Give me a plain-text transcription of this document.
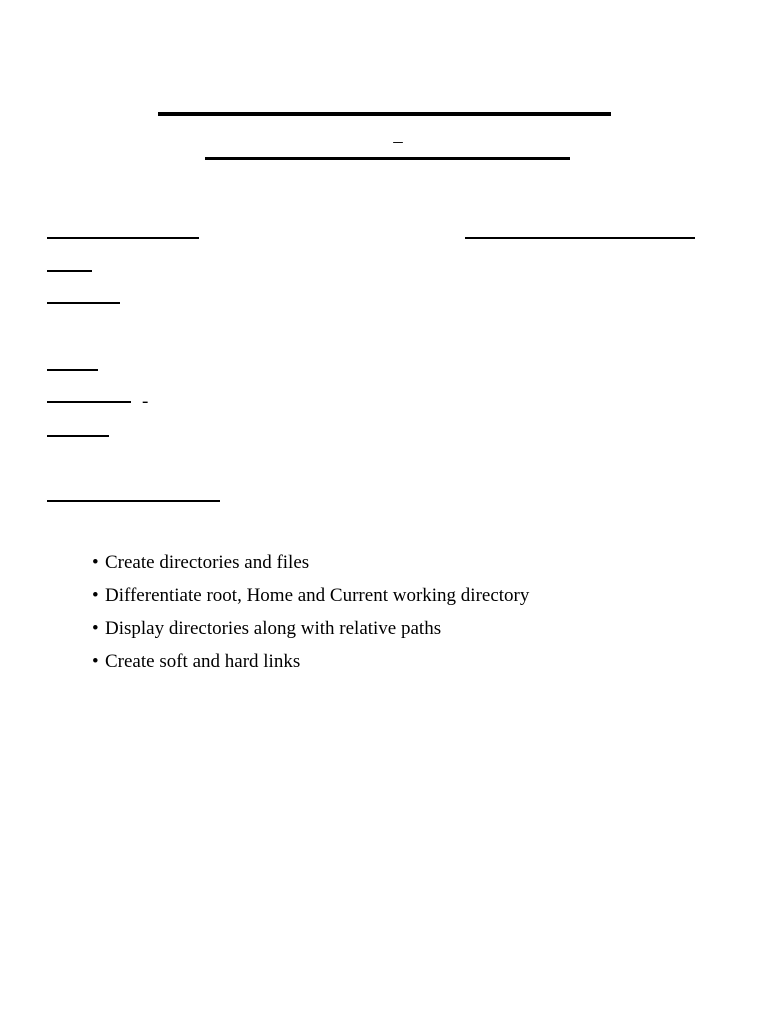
–
-
• Create directories and files
• Differentiate root, Home and Current working directory
• Display directories along with relative paths
• Create soft and hard links
